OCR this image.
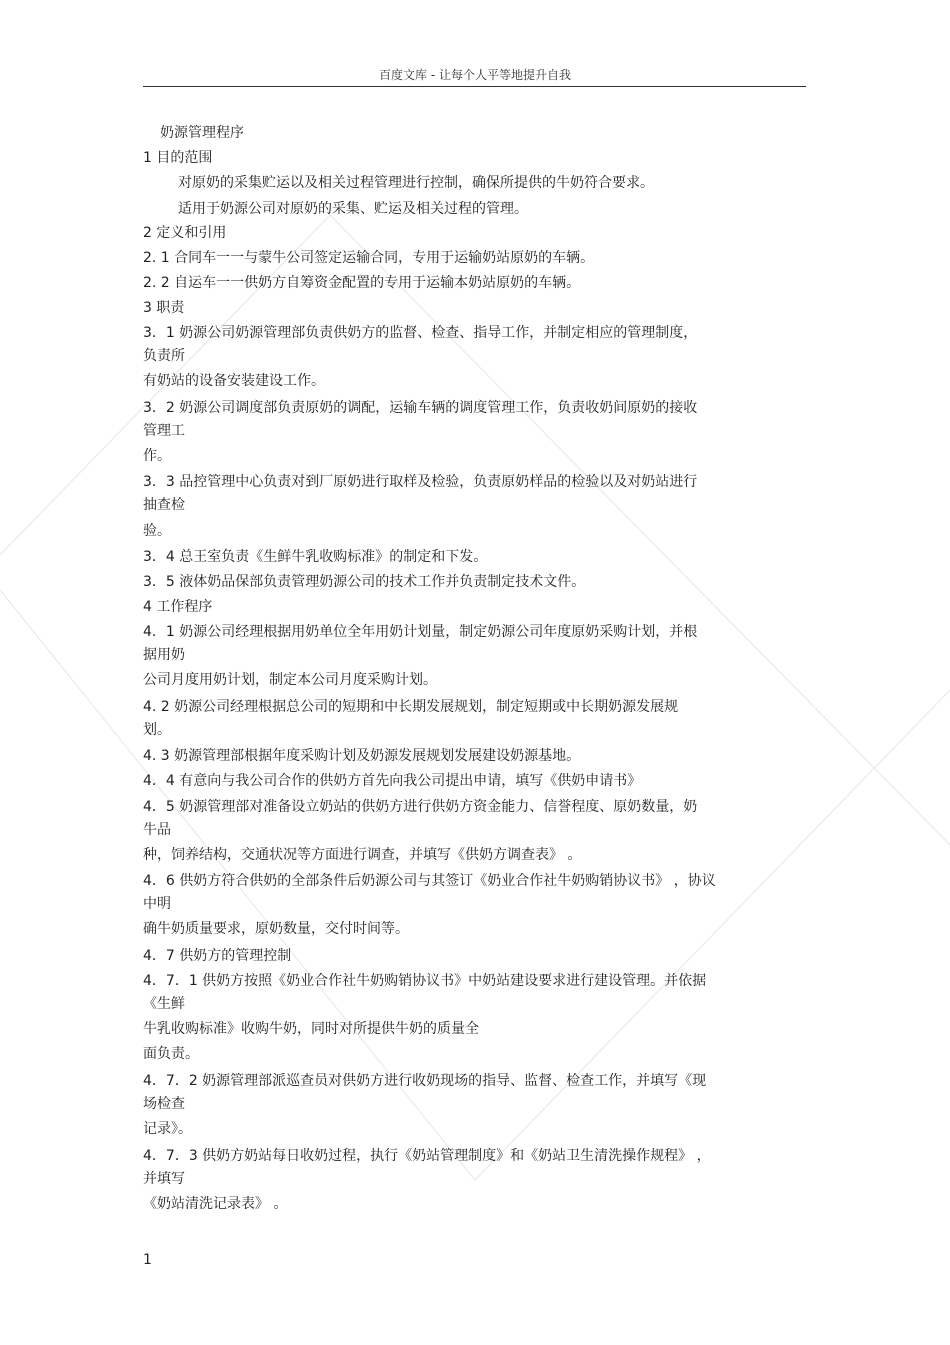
百度文库 - 让每个人平等地提升自我
奶源管理程序
1 目的范围
对原奶的采集贮运以及相关过程管理进行控制，确保所提供的牛奶符合要求。
适用于奶源公司对原奶的采集、贮运及相关过程的管理。
2 定义和引用
2. 1 合同车一一与蒙牛公司签定运输合同，专用于运输奶站原奶的车辆。
2. 2 自运车一一供奶方自筹资金配置的专用于运输本奶站原奶的车辆。
3 职责
3．1 奶源公司奶源管理部负责供奶方的监督、检查、指导工作，并制定相应的管理制度，
负责所
有奶站的设备安装建设工作。
3．2 奶源公司调度部负责原奶的调配，运输车辆的调度管理工作，负责收奶间原奶的接收
管理工
作。
3．3 品控管理中心负责对到厂原奶进行取样及检验，负责原奶样品的检验以及对奶站进行
抽查检
验。
3．4 总王室负责《生鲜牛乳收购标准》的制定和下发。
3．5 液体奶品保部负责管理奶源公司的技术工作并负责制定技术文件。
4 工作程序
4．1 奶源公司经理根据用奶单位全年用奶计划量，制定奶源公司年度原奶采购计划，并根
据用奶
公司月度用奶计划，制定本公司月度采购计划。
4. 2 奶源公司经理根据总公司的短期和中长期发展规划，制定短期或中长期奶源发展规
划。
4. 3 奶源管理部根据年度采购计划及奶源发展规划发展建设奶源基地。
4．4 有意向与我公司合作的供奶方首先向我公司提出申请，填写《供奶申请书》
4．5 奶源管理部对准备设立奶站的供奶方进行供奶方资金能力、信誉程度、原奶数量，奶
牛品
种，饲养结构，交通状况等方面进行调查，并填写《供奶方调查表》 。
4．6 供奶方符合供奶的全部条件后奶源公司与其签订《奶业合作社牛奶购销协议书》 ，协议
中明
确牛奶质量要求，原奶数量，交付时间等。
4．7 供奶方的管理控制
4．7．1 供奶方按照《奶业合作社牛奶购销协议书》中奶站建设要求进行建设管理。并依据
《生鲜
牛乳收购标准》收购牛奶，同时对所提供牛奶的质量全
面负责。
4．7．2 奶源管理部派巡查员对供奶方进行收奶现场的指导、监督、检查工作，并填写《现
场检查
记录》。
4．7．3 供奶方奶站每日收奶过程，执行《奶站管理制度》和《奶站卫生清洗操作规程》 ，
并填写
《奶站清洗记录表》 。
1
